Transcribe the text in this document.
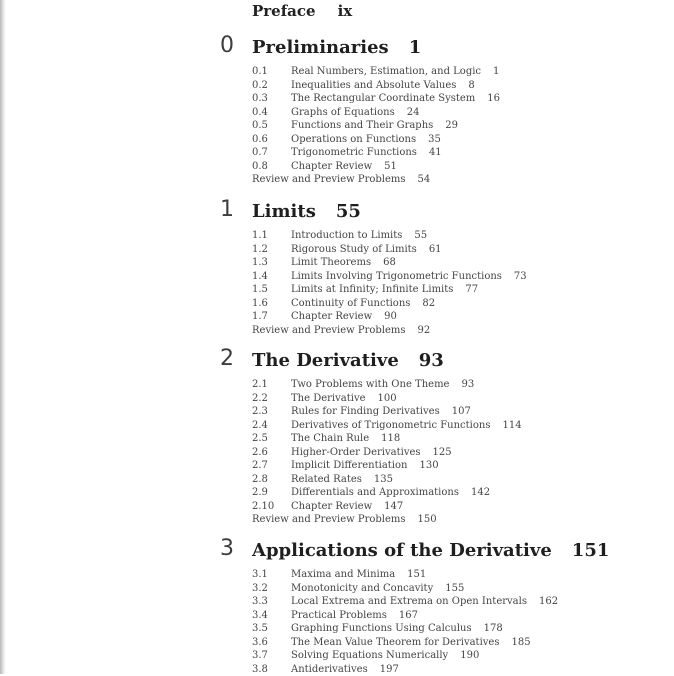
Preface ix
0 Preliminaries 1
0.1	Real Numbers, Estimation, and Logic 1
0.2	Inequalities and Absolute Values 8
0.3	The Rectangular Coordinate System 16
0.4	Graphs of Equations 24
0.5	Functions and Their Graphs 29
0.6	Operations on Functions 35
0.7	Trigonometric Functions 41
0.8	Chapter Review 51
Review and Preview Problems 54
1 Limits 55
1.1	Introduction to Limits 55
1.2	Rigorous Study of Limits 61
1.3	Limit Theorems 68
1.4	Limits Involving Trigonometric Functions 73
1.5	Limits at Infinity; Infinite Limits 77
1.6	Continuity of Functions 82
1.7	Chapter Review 90
Review and Preview Problems 92
2 The Derivative 93
2.1	Two Problems with One Theme 93
2.2	The Derivative 100
2.3	Rules for Finding Derivatives 107
2.4	Derivatives of Trigonometric Functions 114
2.5	The Chain Rule 118
2.6	Higher-Order Derivatives 125
2.7	Implicit Differentiation 130
2.8	Related Rates 135
2.9	Differentials and Approximations 142
2.10	Chapter Review 147
Review and Preview Problems 150
3 Applications of the Derivative 151
3.1	Maxima and Minima 151
3.2	Monotonicity and Concavity 155
3.3	Local Extrema and Extrema on Open Intervals 162
3.4	Practical Problems 167
3.5	Graphing Functions Using Calculus 178
3.6	The Mean Value Theorem for Derivatives 185
3.7	Solving Equations Numerically 190
3.8	Antiderivatives 197
